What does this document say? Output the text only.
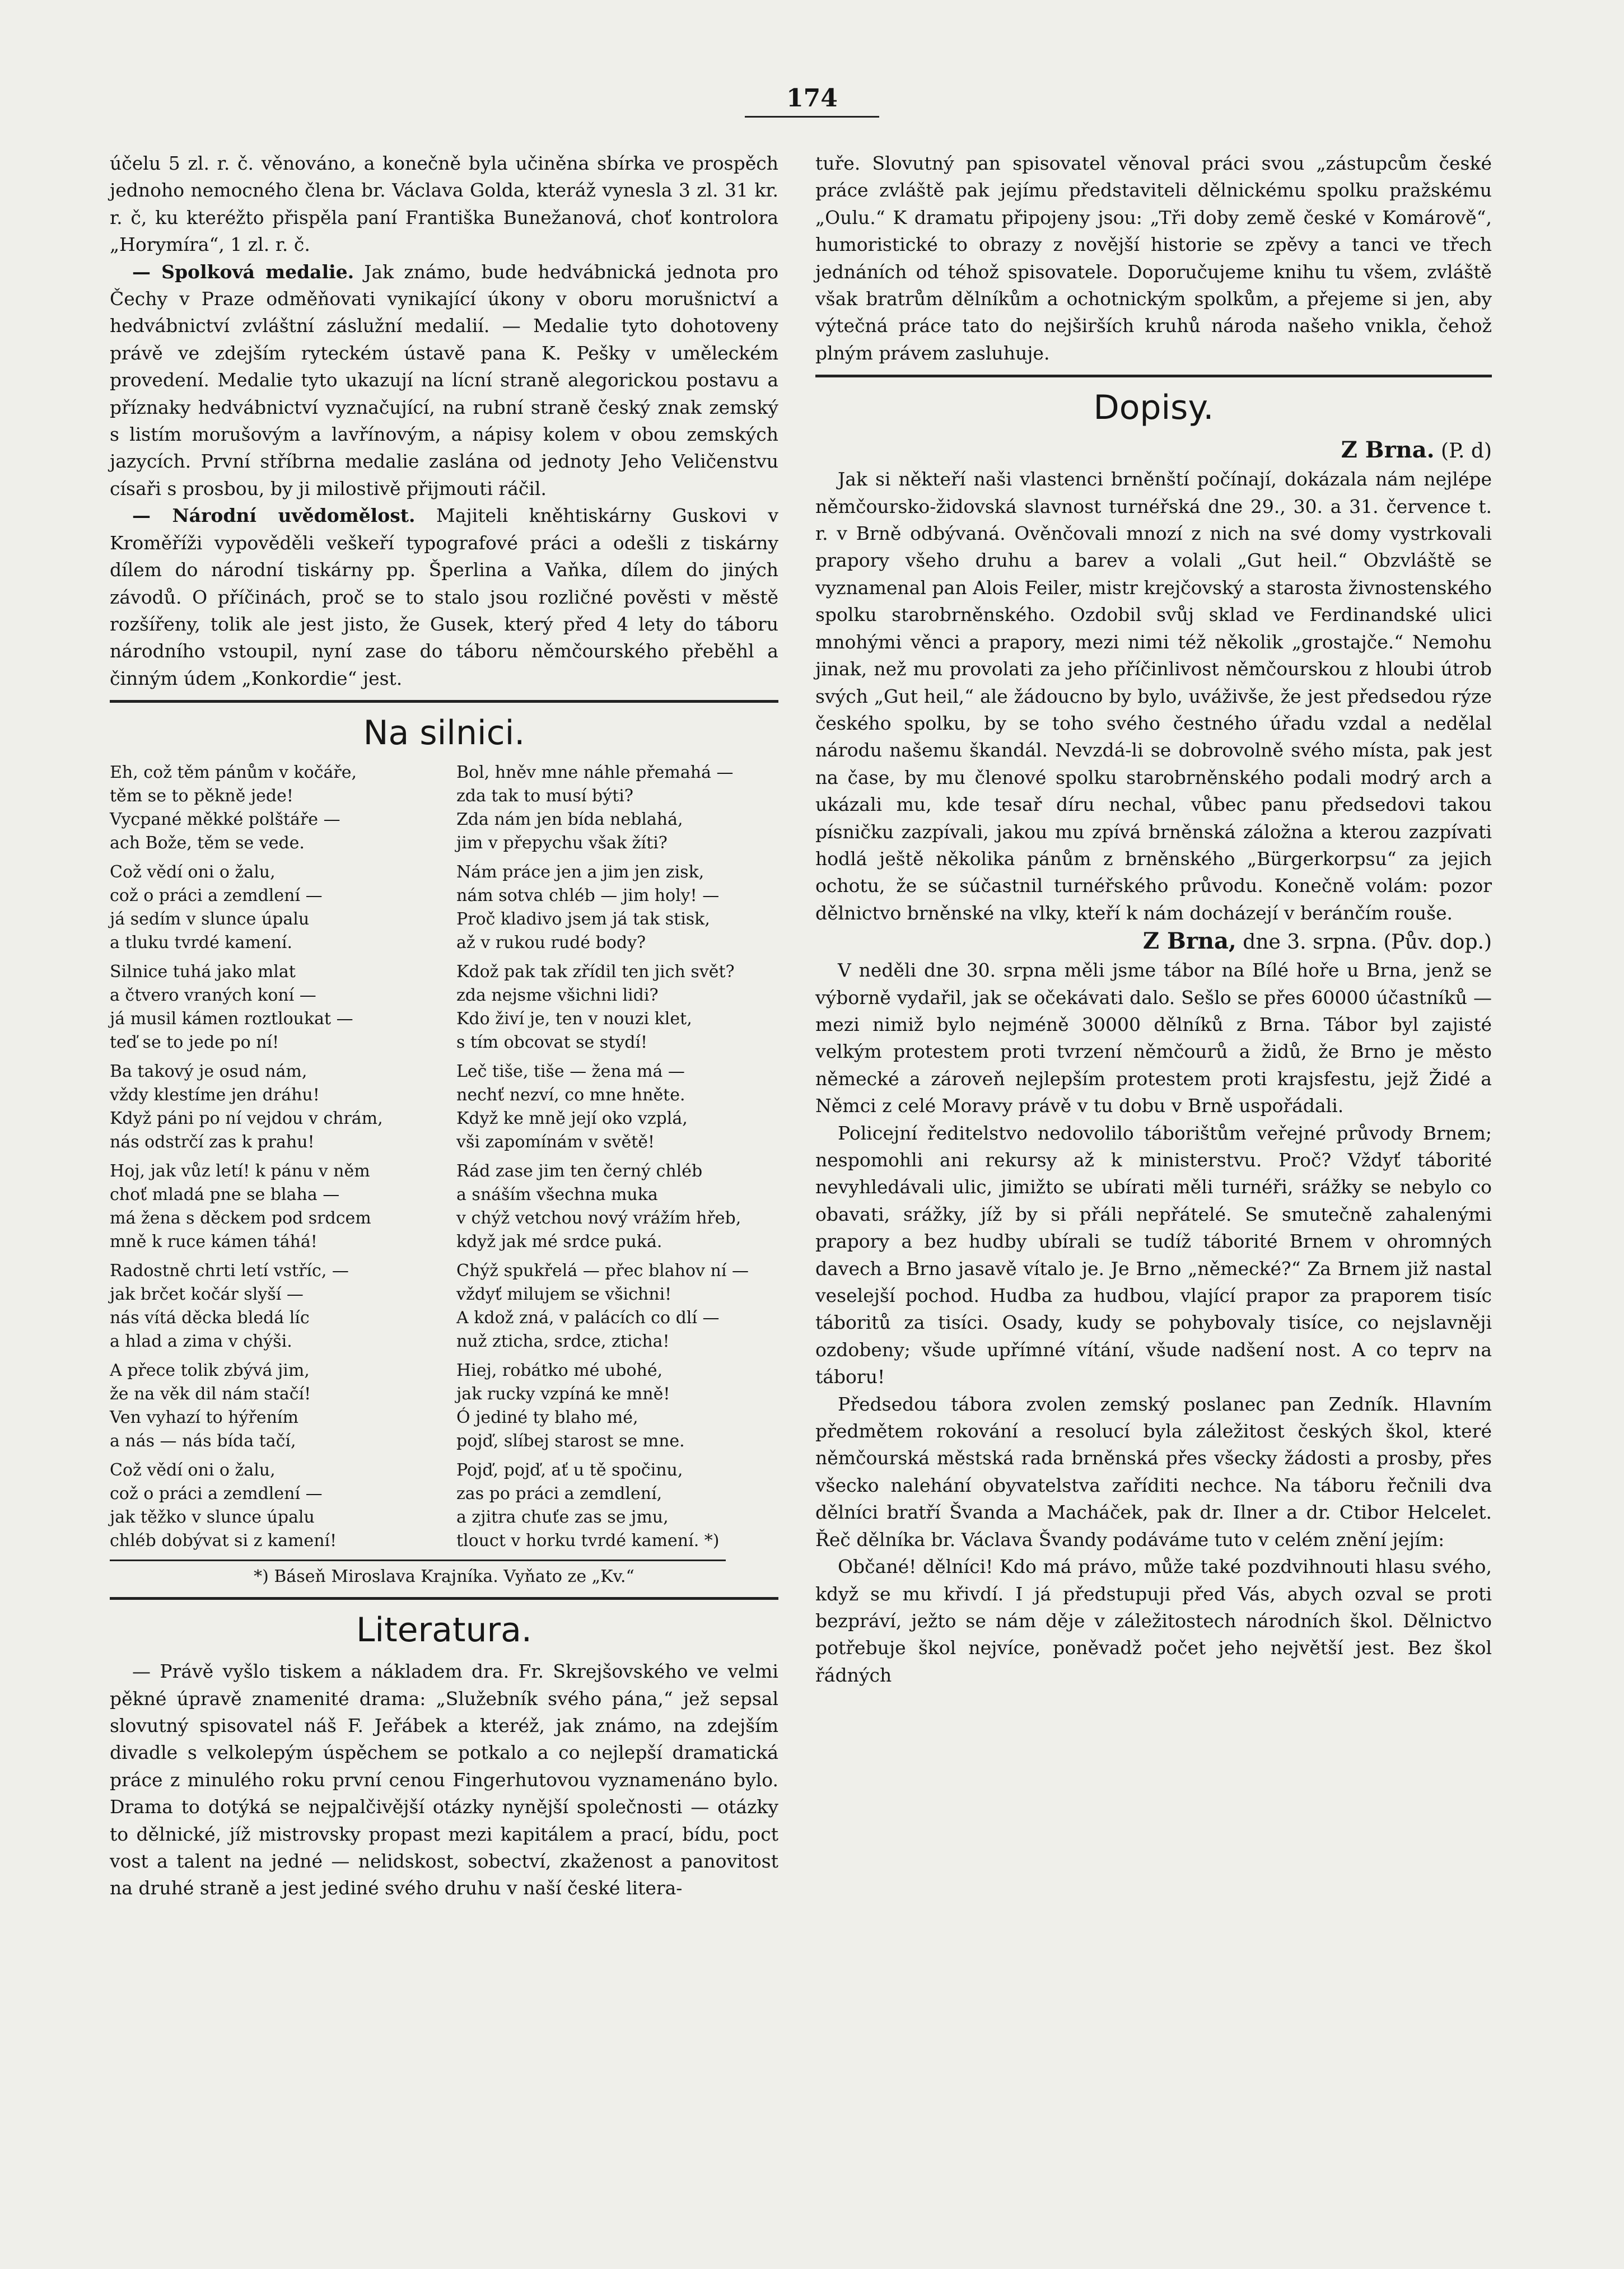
174

účelu 5 zl. r. č. věnováno, a konečně byla učiněna sbírka ve prospěch jednoho nemocného člena br. Václava Golda, kteráž vynesla 3 zl. 31 kr. r. č, ku kteréžto přispěla paní Františka Bunežanová, choť kontrolora „Horymíra“, 1 zl. r. č.

— Spolková medalie. Jak známo, bude hedvábnická jednota pro Čechy v Praze odměňovati vynikající úkony v oboru morušnictví a hedvábnictví zvláštní záslužní medalií. — Medalie tyto dohotoveny právě ve zdejším ryteckém ústavě pana K. Pešky v uměleckém provedení. Medalie tyto ukazují na lícní straně alegorickou postavu a příznaky hedvábnictví vyznačující, na rubní straně český znak zemský s listím morušovým a lavřínovým, a nápisy kolem v obou zemských jazycích. První stříbrna medalie zaslána od jednoty Jeho Veličenstvu císaři s prosbou, by ji milostivě přijmouti ráčil.

— Národní uvědomělost. Majiteli kněhtiskárny Guskovi v Kroměříži vypověděli veškeří typografové práci a odešli z tiskárny dílem do národní tiskárny pp. Šperlina a Vaňka, dílem do jiných závodů. O příčinách, proč se to stalo jsou rozličné pověsti v městě rozšířeny, tolik ale jest jisto, že Gusek, který před 4 lety do táboru národního vstoupil, nyní zase do táboru němčourského přeběhl a činným údem „Konkordie“ jest.

Na silnici.
Eh, což těm pánům v kočáře,
těm se to pěkně jede!
Vycpané měkké polštáře —
ach Bože, těm se vede.
Což vědí oni o žalu,
což o práci a zemdlení —
já sedím v slunce úpalu
a tluku tvrdé kamení.
Silnice tuhá jako mlat
a čtvero vraných koní —
já musil kámen roztloukat —
teď se to jede po ní!
Ba takový je osud nám,
vždy klestíme jen dráhu!
Když páni po ní vejdou v chrám,
nás odstrčí zas k prahu!
Hoj, jak vůz letí! k pánu v něm
choť mladá pne se blaha —
má žena s děckem pod srdcem
mně k ruce kámen táhá!
Radostně chrti letí vstříc, —
jak brčet kočár slyší —
nás vítá děcka bledá líc
a hlad a zima v chýši.
A přece tolik zbývá jim,
že na věk dil nám stačí!
Ven vyhazí to hýřením
a nás — nás bída tačí,
Což vědí oni o žalu,
což o práci a zemdlení —
jak těžko v slunce úpalu
chléb dobývat si z kamení!
Bol, hněv mne náhle přemahá —
zda tak to musí býti?
Zda nám jen bída neblahá,
jim v přepychu však žíti?
Nám práce jen a jim jen zisk,
nám sotva chléb — jim holy! —
Proč kladivo jsem já tak stisk,
až v rukou rudé body?
Kdož pak tak zřídil ten jich svět?
zda nejsme všichni lidi?
Kdo živí je, ten v nouzi klet,
s tím obcovat se stydí!
Leč tiše, tiše — žena má —
nechť nezví, co mne hněte.
Když ke mně její oko vzplá,
vši zapomínám v světě!
Rád zase jim ten černý chléb
a snáším všechna muka
v chýž vetchou nový vrážím hřeb,
když jak mé srdce puká.
Chýž spukřelá — přec blahov ní —
vždyť milujem se všichni!
A kdož zná, v palácích co dlí —
nuž zticha, srdce, zticha!
Hiej, robátko mé ubohé,
jak rucky vzpíná ke mně!
Ó jediné ty blaho mé,
pojď, slíbej starost se mne.
Pojď, pojď, ať u tě spočinu,
zas po práci a zemdlení,
a zjitra chuťe zas se jmu,
tlouct v horku tvrdé kamení. *)
*) Báseň Miroslava Krajníka. Vyňato ze „Kv.“
Literatura.

— Právě vyšlo tiskem a nákladem dra. Fr. Skrejšovského ve velmi pěkné úpravě znamenité drama: „Služebník svého pána,“ jež sepsal slovutný spisovatel náš F. Jeřábek a kteréž, jak známo, na zdejším divadle s velkolepým úspěchem se potkalo a co nejlepší dramatická práce z minulého roku první cenou Fingerhutovou vyznamenáno bylo. Drama to dotýká se nejpalčivější otázky nynější společnosti — otázky to dělnické, jíž mistrovsky propast mezi kapitálem a prací, bídu, poct vost a talent na jedné — nelidskost, sobectví, zkaženost a panovitost na druhé straně a jest jediné svého druhu v naší české litera-

tuře. Slovutný pan spisovatel věnoval práci svou „zástupcům české práce zvláště pak jejímu představiteli dělnickému spolku pražskému „Oulu.“ K dramatu připojeny jsou: „Tři doby země české v Komárově“, humoristické to obrazy z novější historie se zpěvy a tanci ve třech jednáních od téhož spisovatele. Doporučujeme knihu tu všem, zvláště však bratrům dělníkům a ochotnickým spolkům, a přejeme si jen, aby výtečná práce tato do nejširších kruhů národa našeho vnikla, čehož plným právem zasluhuje.

Dopisy.
Z Brna. (P. d)

Jak si někteří naši vlastenci brněnští počínají, dokázala nám nejlépe němčoursko-židovská slavnost turnéřská dne 29., 30. a 31. července t. r. v Brně odbývaná. Ověnčovali mnozí z nich na své domy vystrkovali prapory všeho druhu a barev a volali „Gut heil.“ Obzvláště se vyznamenal pan Alois Feiler, mistr krejčovský a starosta živnostenského spolku starobrněnského. Ozdobil svůj sklad ve Ferdinandské ulici mnohými věnci a prapory, mezi nimi též několik „grostajče.“ Nemohu jinak, než mu provolati za jeho příčinlivost němčourskou z hloubi útrob svých „Gut heil,“ ale žádoucno by bylo, uváživše, že jest předsedou rýze českého spolku, by se toho svého čestného úřadu vzdal a nedělal národu našemu škandál. Nevzdá-li se dobrovolně svého místa, pak jest na čase, by mu členové spolku starobrněnského podali modrý arch a ukázali mu, kde tesař díru nechal, vůbec panu předsedovi takou písničku zazpívali, jakou mu zpívá brněnská záložna a kterou zazpívati hodlá ještě několika pánům z brněnského „Bürgerkorpsu“ za jejich ochotu, že se súčastnil turnéřského průvodu. Konečně volám: pozor dělnictvo brněnské na vlky, kteří k nám docházejí v beránčím rouše.

Z Brna, dne 3. srpna. (Pův. dop.)

V neděli dne 30. srpna měli jsme tábor na Bílé hoře u Brna, jenž se výborně vydařil, jak se očekávati dalo. Sešlo se přes 60000 účastníků — mezi nimiž bylo nejméně 30000 dělníků z Brna. Tábor byl zajisté velkým protestem proti tvrzení němčourů a židů, že Brno je město německé a zároveň nejlepším protestem proti krajsfestu, jejž Židé a Němci z celé Moravy právě v tu dobu v Brně uspořádali.

Policejní ředitelstvo nedovolilo táborištům veřejné průvody Brnem; nespomohli ani rekursy až k ministerstvu. Proč? Vždyť táborité nevyhledávali ulic, jimižto se ubírati měli turnéři, srážky se nebylo co obavati, srážky, jíž by si přáli nepřátelé. Se smutečně zahalenými prapory a bez hudby ubírali se tudíž táborité Brnem v ohromných davech a Brno jasavě vítalo je. Je Brno „německé?“ Za Brnem již nastal veselejší pochod. Hudba za hudbou, vlající prapor za praporem tisíc táboritů za tisíci. Osady, kudy se pohybovaly tisíce, co nejslavněji ozdobeny; všude upřímné vítání, všude nadšení nost. A co teprv na táboru!

Předsedou tábora zvolen zemský poslanec pan Zedník. Hlavním předmětem rokování a resolucí byla záležitost českých škol, které němčourská městská rada brněnská přes všecky žádosti a prosby, přes všecko nalehání obyvatelstva zaříditi nechce. Na táboru řečnili dva dělníci bratří Švanda a Macháček, pak dr. Ilner a dr. Ctibor Helcelet. Řeč dělníka br. Václava Švandy podáváme tuto v celém znění jejím:

Občané! dělníci! Kdo má právo, může také pozdvihnouti hlasu svého, když se mu křivdí. I já předstupuji před Vás, abych ozval se proti bezpráví, ježto se nám děje v záležitostech národních škol. Dělnictvo potřebuje škol nejvíce, poněvadž počet jeho největší jest. Bez škol řádných
